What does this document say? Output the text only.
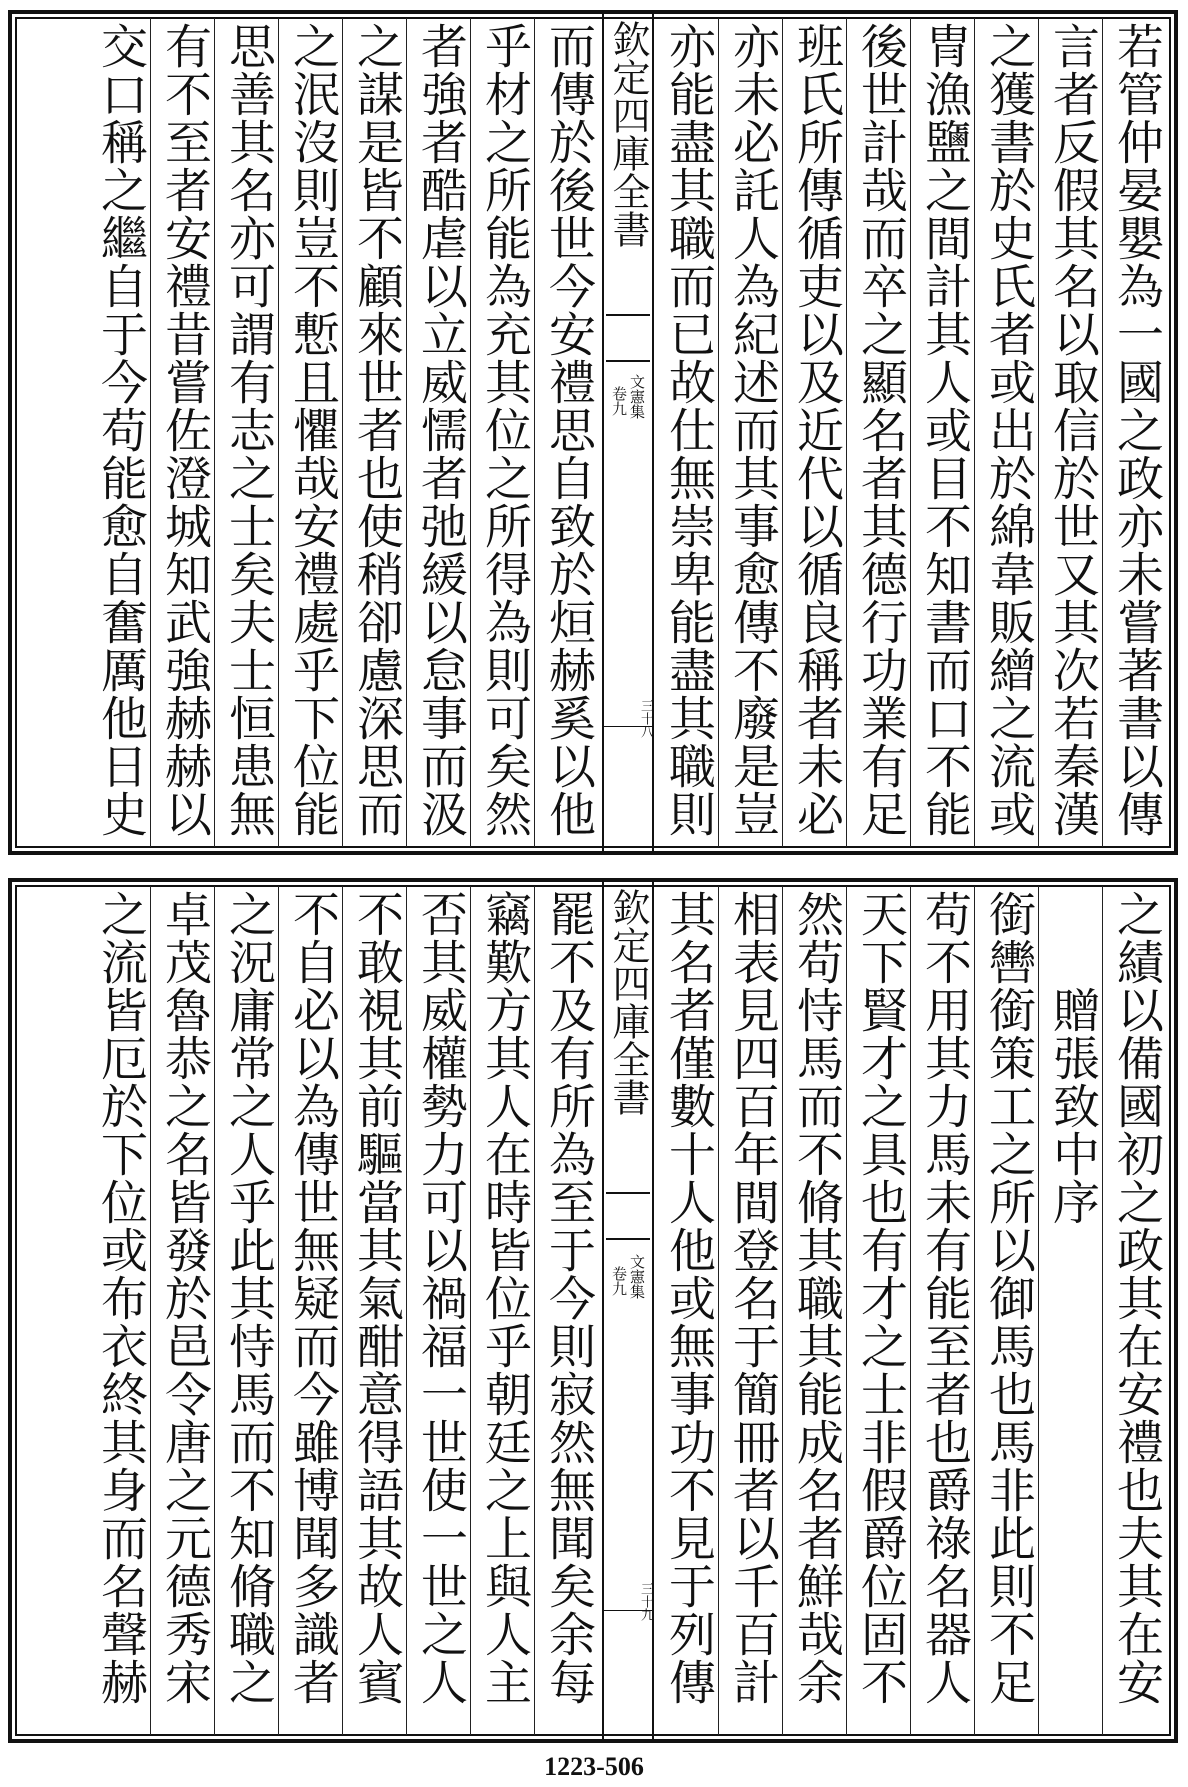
若管仲晏嬰為一國之政亦未嘗著書以傳
言者反假其名以取信於世又其次若秦漢
之獲書於史氏者或出於綿韋販繒之流或
冑漁鹽之間計其人或目不知書而口不能
後世計哉而卒之顯名者其德行功業有足
班氏所傳循吏以及近代以循良稱者未必
亦未必託人為紀述而其事愈傳不廢是豈
亦能盡其職而已故仕無崇卑能盡其職則
欽定四庫全書
文憲集
卷九
三十八
而傳於後世今安禮思自致於烜赫奚以他
乎材之所能為充其位之所得為則可矣然
者強者酷虐以立威懦者弛緩以怠事而汲
之謀是皆不顧來世者也使稍卻慮深思而
之泯沒則豈不慙且懼哉安禮處乎下位能
思善其名亦可謂有志之士矣夫士恒患無
有不至者安禮昔嘗佐澄城知武強赫赫以
交口稱之繼自于今苟能愈自奮厲他日史
之績以備國初之政其在安禮也夫其在安
　　贈張致中序
銜轡銜策工之所以御馬也馬非此則不足
苟不用其力馬未有能至者也爵祿名器人
天下賢才之具也有才之士非假爵位固不
然苟恃馬而不脩其職其能成名者鮮哉余
相表見四百年間登名于簡冊者以千百計
其名者僅數十人他或無事功不見于列傳
欽定四庫全書
文憲集
卷九
三十九
罷不及有所為至于今則寂然無聞矣余每
竊歎方其人在時皆位乎朝廷之上與人主
否其威權勢力可以禍福一世使一世之人
不敢視其前驅當其氣酣意得語其故人賓
不自必以為傳世無疑而今雖博聞多識者
之況庸常之人乎此其恃馬而不知脩職之
卓茂魯恭之名皆發於邑令唐之元德秀宋
之流皆厄於下位或布衣終其身而名聲赫
1223-506
